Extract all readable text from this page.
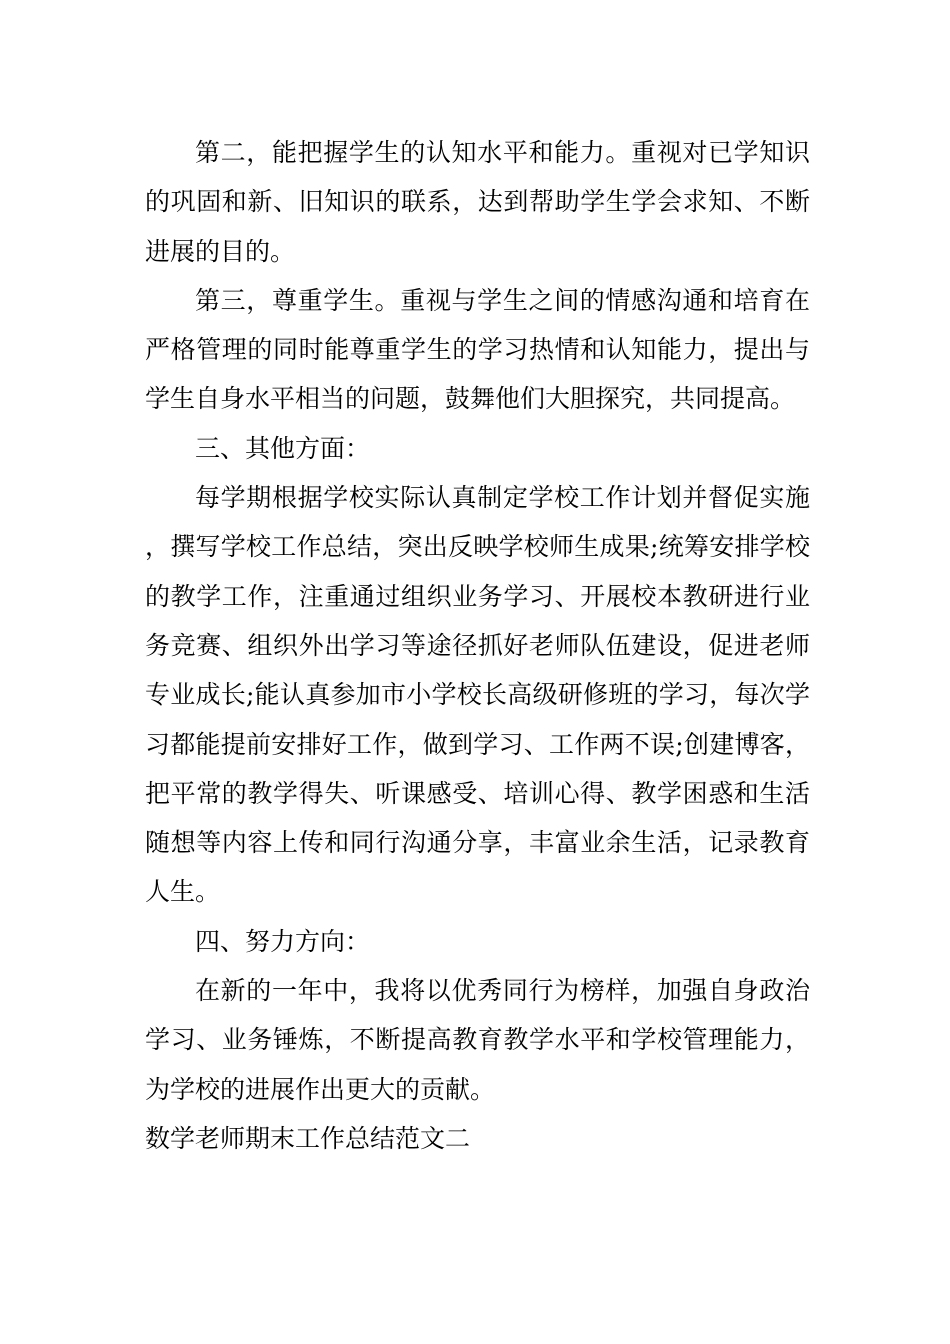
第二，能把握学生的认知水平和能力。重视对已学知识的巩固和新、旧知识的联系，达到帮助学生学会求知、不断进展的目的。

第三，尊重学生。重视与学生之间的情感沟通和培育在严格管理的同时能尊重学生的学习热情和认知能力，提出与学生自身水平相当的问题，鼓舞他们大胆探究，共同提高。

三、其他方面：

每学期根据学校实际认真制定学校工作计划并督促实施，撰写学校工作总结，突出反映学校师生成果;统筹安排学校的教学工作，注重通过组织业务学习、开展校本教研进行业务竞赛、组织外出学习等途径抓好老师队伍建设，促进老师专业成长;能认真参加市小学校长高级研修班的学习，每次学习都能提前安排好工作，做到学习、工作两不误;创建博客，把平常的教学得失、听课感受、培训心得、教学困惑和生活随想等内容上传和同行沟通分享，丰富业余生活，记录教育人生。

四、努力方向：

在新的一年中，我将以优秀同行为榜样，加强自身政治学习、业务锤炼，不断提高教育教学水平和学校管理能力，为学校的进展作出更大的贡献。

数学老师期末工作总结范文二
